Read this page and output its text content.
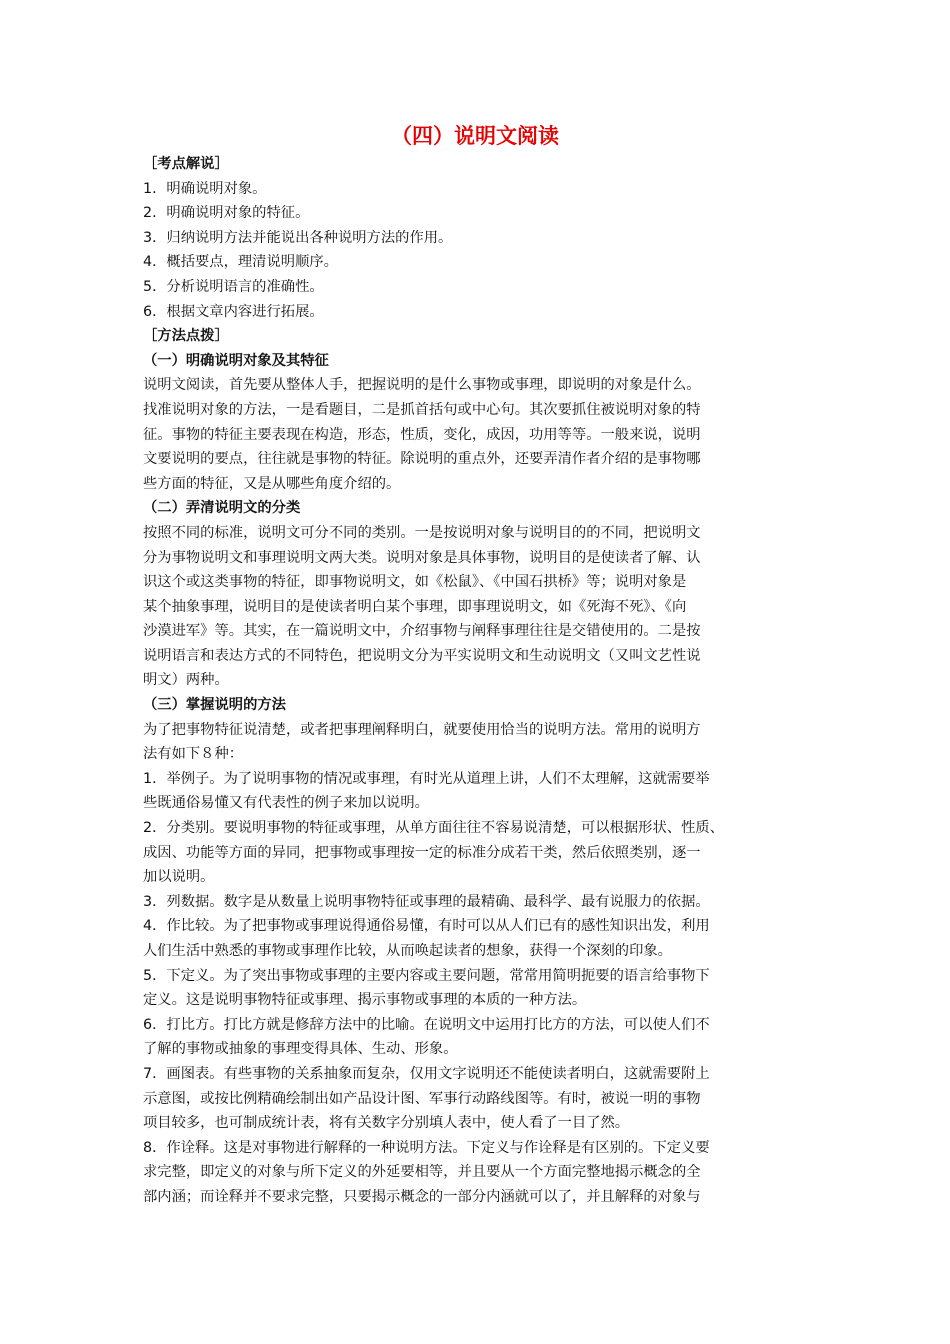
（四）说明文阅读
［考点解说］
1．明确说明对象。
2．明确说明对象的特征。
3．归纳说明方法并能说出各种说明方法的作用。
4．概括要点，理清说明顺序。
5．分析说明语言的准确性。
6．根据文章内容进行拓展。
［方法点拨］
（一）明确说明对象及其特征
说明文阅读，首先要从整体人手，把握说明的是什么事物或事理，即说明的对象是什么。
找准说明对象的方法，一是看题目，二是抓首括句或中心句。其次要抓住被说明对象的特
征。事物的特征主要表现在构造，形态，性质，变化，成因，功用等等。一般来说，说明
文要说明的要点，往往就是事物的特征。除说明的重点外，还要弄清作者介绍的是事物哪
些方面的特征，又是从哪些角度介绍的。
（二）弄清说明文的分类
按照不同的标准，说明文可分不同的类别。一是按说明对象与说明目的的不同，把说明文
分为事物说明文和事理说明文两大类。说明对象是具体事物，说明目的是使读者了解、认
识这个或这类事物的特征，即事物说明文，如《松鼠》、《中国石拱桥》等；说明对象是
某个抽象事理，说明目的是使读者明白某个事理，即事理说明文，如《死海不死》、《向
沙漠进军》等。其实，在一篇说明文中，介绍事物与阐释事理往往是交错使用的。二是按
说明语言和表达方式的不同特色，把说明文分为平实说明文和生动说明文（又叫文艺性说
明文）两种。
（三）掌握说明的方法
为了把事物特征说清楚，或者把事理阐释明白，就要使用恰当的说明方法。常用的说明方
法有如下８种：
1．举例子。为了说明事物的情况或事理，有时光从道理上讲，人们不太理解，这就需要举
些既通俗易懂又有代表性的例子来加以说明。
2．分类别。要说明事物的特征或事理，从单方面往往不容易说清楚，可以根据形状、性质、
成因、功能等方面的异同，把事物或事理按一定的标准分成若干类，然后依照类别，逐一
加以说明。
3．列数据。数字是从数量上说明事物特征或事理的最精确、最科学、最有说服力的依据。
4．作比较。为了把事物或事理说得通俗易懂，有时可以从人们已有的感性知识出发，利用
人们生活中熟悉的事物或事理作比较，从而唤起读者的想象，获得一个深刻的印象。
5．下定义。为了突出事物或事理的主要内容或主要问题，常常用简明扼要的语言给事物下
定义。这是说明事物特征或事理、揭示事物或事理的本质的一种方法。
6．打比方。打比方就是修辞方法中的比喻。在说明文中运用打比方的方法，可以使人们不
了解的事物或抽象的事理变得具体、生动、形象。
7．画图表。有些事物的关系抽象而复杂，仅用文字说明还不能使读者明白，这就需要附上
示意图，或按比例精确绘制出如产品设计图、军事行动路线图等。有时，被说一明的事物
项目较多，也可制成统计表，将有关数字分别填人表中，使人看了一目了然。
8．作诠释。这是对事物进行解释的一种说明方法。下定义与作诠释是有区别的。下定义要
求完整，即定义的对象与所下定义的外延要相等，并且要从一个方面完整地揭示概念的全
部内涵；而诠释并不要求完整，只要揭示概念的一部分内涵就可以了，并且解释的对象与
